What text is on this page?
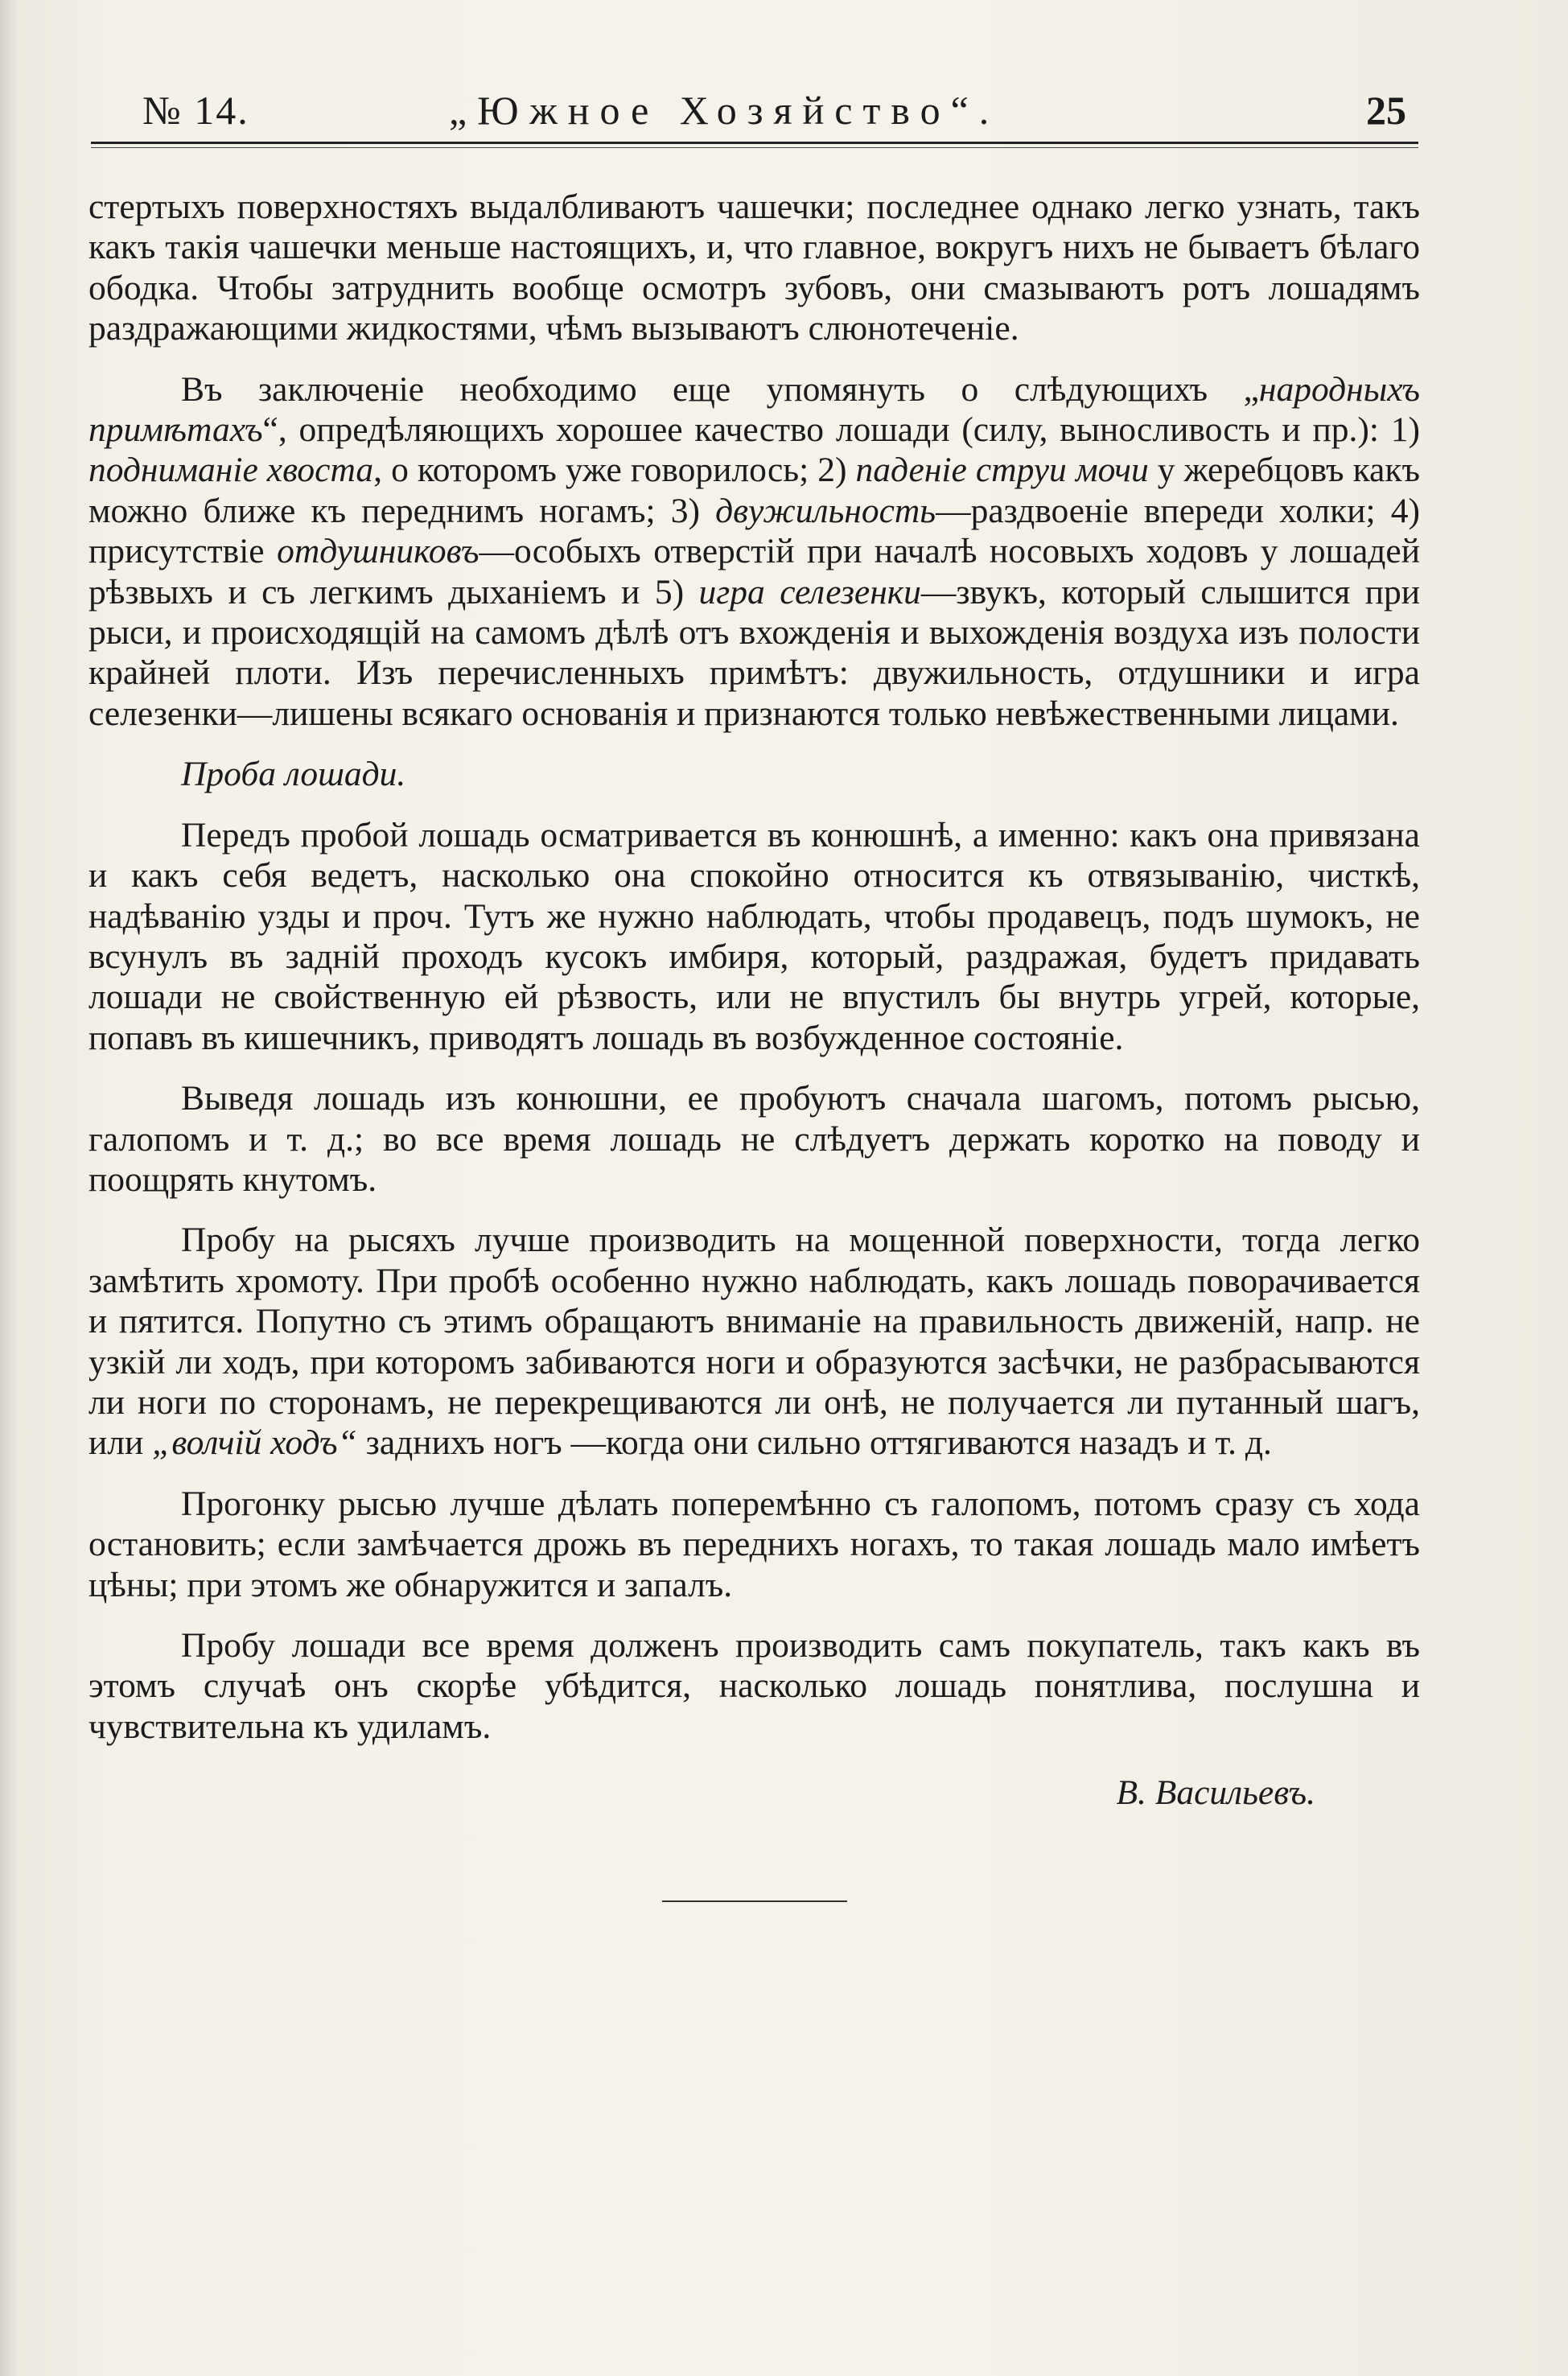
№ 14.	„Южное Хозяйство“.	25

стертыхъ поверхностяхъ выдалбливаютъ чашечки; последнее однако легко узнать, такъ какъ такія чашечки меньше настоящихъ, и, что главное, вокругъ нихъ не бываетъ бѣлаго ободка. Чтобы затруднить вообще осмотръ зубовъ, они смазываютъ ротъ лошадямъ раздражающими жидкостями, чѣмъ вызываютъ слюнотеченіе.

Въ заключеніе необходимо еще упомянуть о слѣдующихъ „народныхъ примѣтахъ“, опредѣляющихъ хорошее качество лошади (силу, выносливость и пр.): 1) подниманіе хвоста, о которомъ уже говорилось; 2) паденіе струи мочи у жеребцовъ какъ можно ближе къ переднимъ ногамъ; 3) двужильность—раздвоеніе впереди холки; 4) присутствіе отдушниковъ—особыхъ отверстій при началѣ носовыхъ ходовъ у лошадей рѣзвыхъ и съ легкимъ дыханіемъ и 5) игра селезенки—звукъ, который слышится при рыси, и происходящій на самомъ дѣлѣ отъ вхожденія и выхожденія воздуха изъ полости крайней плоти. Изъ перечисленныхъ примѣтъ: двужильность, отдушники и игра селезенки—лишены всякаго основанія и признаются только невѣжественными лицами.

Проба лошади.

Передъ пробой лошадь осматривается въ конюшнѣ, а именно: какъ она привязана и какъ себя ведетъ, насколько она спокойно относится къ отвязыванію, чисткѣ, надѣванію узды и проч. Тутъ же нужно наблюдать, чтобы продавецъ, подъ шумокъ, не всунулъ въ задній проходъ кусокъ имбиря, который, раздражая, будетъ придавать лошади не свойственную ей рѣзвость, или не впустилъ бы внутрь угрей, которые, попавъ въ кишечникъ, приводятъ лошадь въ возбужденное состояніе.

Выведя лошадь изъ конюшни, ее пробуютъ сначала шагомъ, потомъ рысью, галопомъ и т. д.; во все время лошадь не слѣдуетъ держать коротко на поводу и поощрять кнутомъ.

Пробу на рысяхъ лучше производить на мощенной поверхности, тогда легко замѣтить хромоту. При пробѣ особенно нужно наблюдать, какъ лошадь поворачивается и пятится. Попутно съ этимъ обращаютъ вниманіе на правильность движеній, напр. не узкій ли ходъ, при которомъ забиваются ноги и образуются засѣчки, не разбрасываются ли ноги по сторонамъ, не перекрещиваются ли онѣ, не получается ли путанный шагъ, или „волчій ходъ“ заднихъ ногъ —когда они сильно оттягиваются назадъ и т. д.

Прогонку рысью лучше дѣлать поперемѣнно съ галопомъ, потомъ сразу съ хода остановить; если замѣчается дрожь въ переднихъ ногахъ, то такая лошадь мало имѣетъ цѣны; при этомъ же обнаружится и запалъ.

Пробу лошади все время долженъ производить самъ покупатель, такъ какъ въ этомъ случаѣ онъ скорѣе убѣдится, насколько лошадь понятлива, послушна и чувствительна къ удиламъ.

В. Васильевъ.
